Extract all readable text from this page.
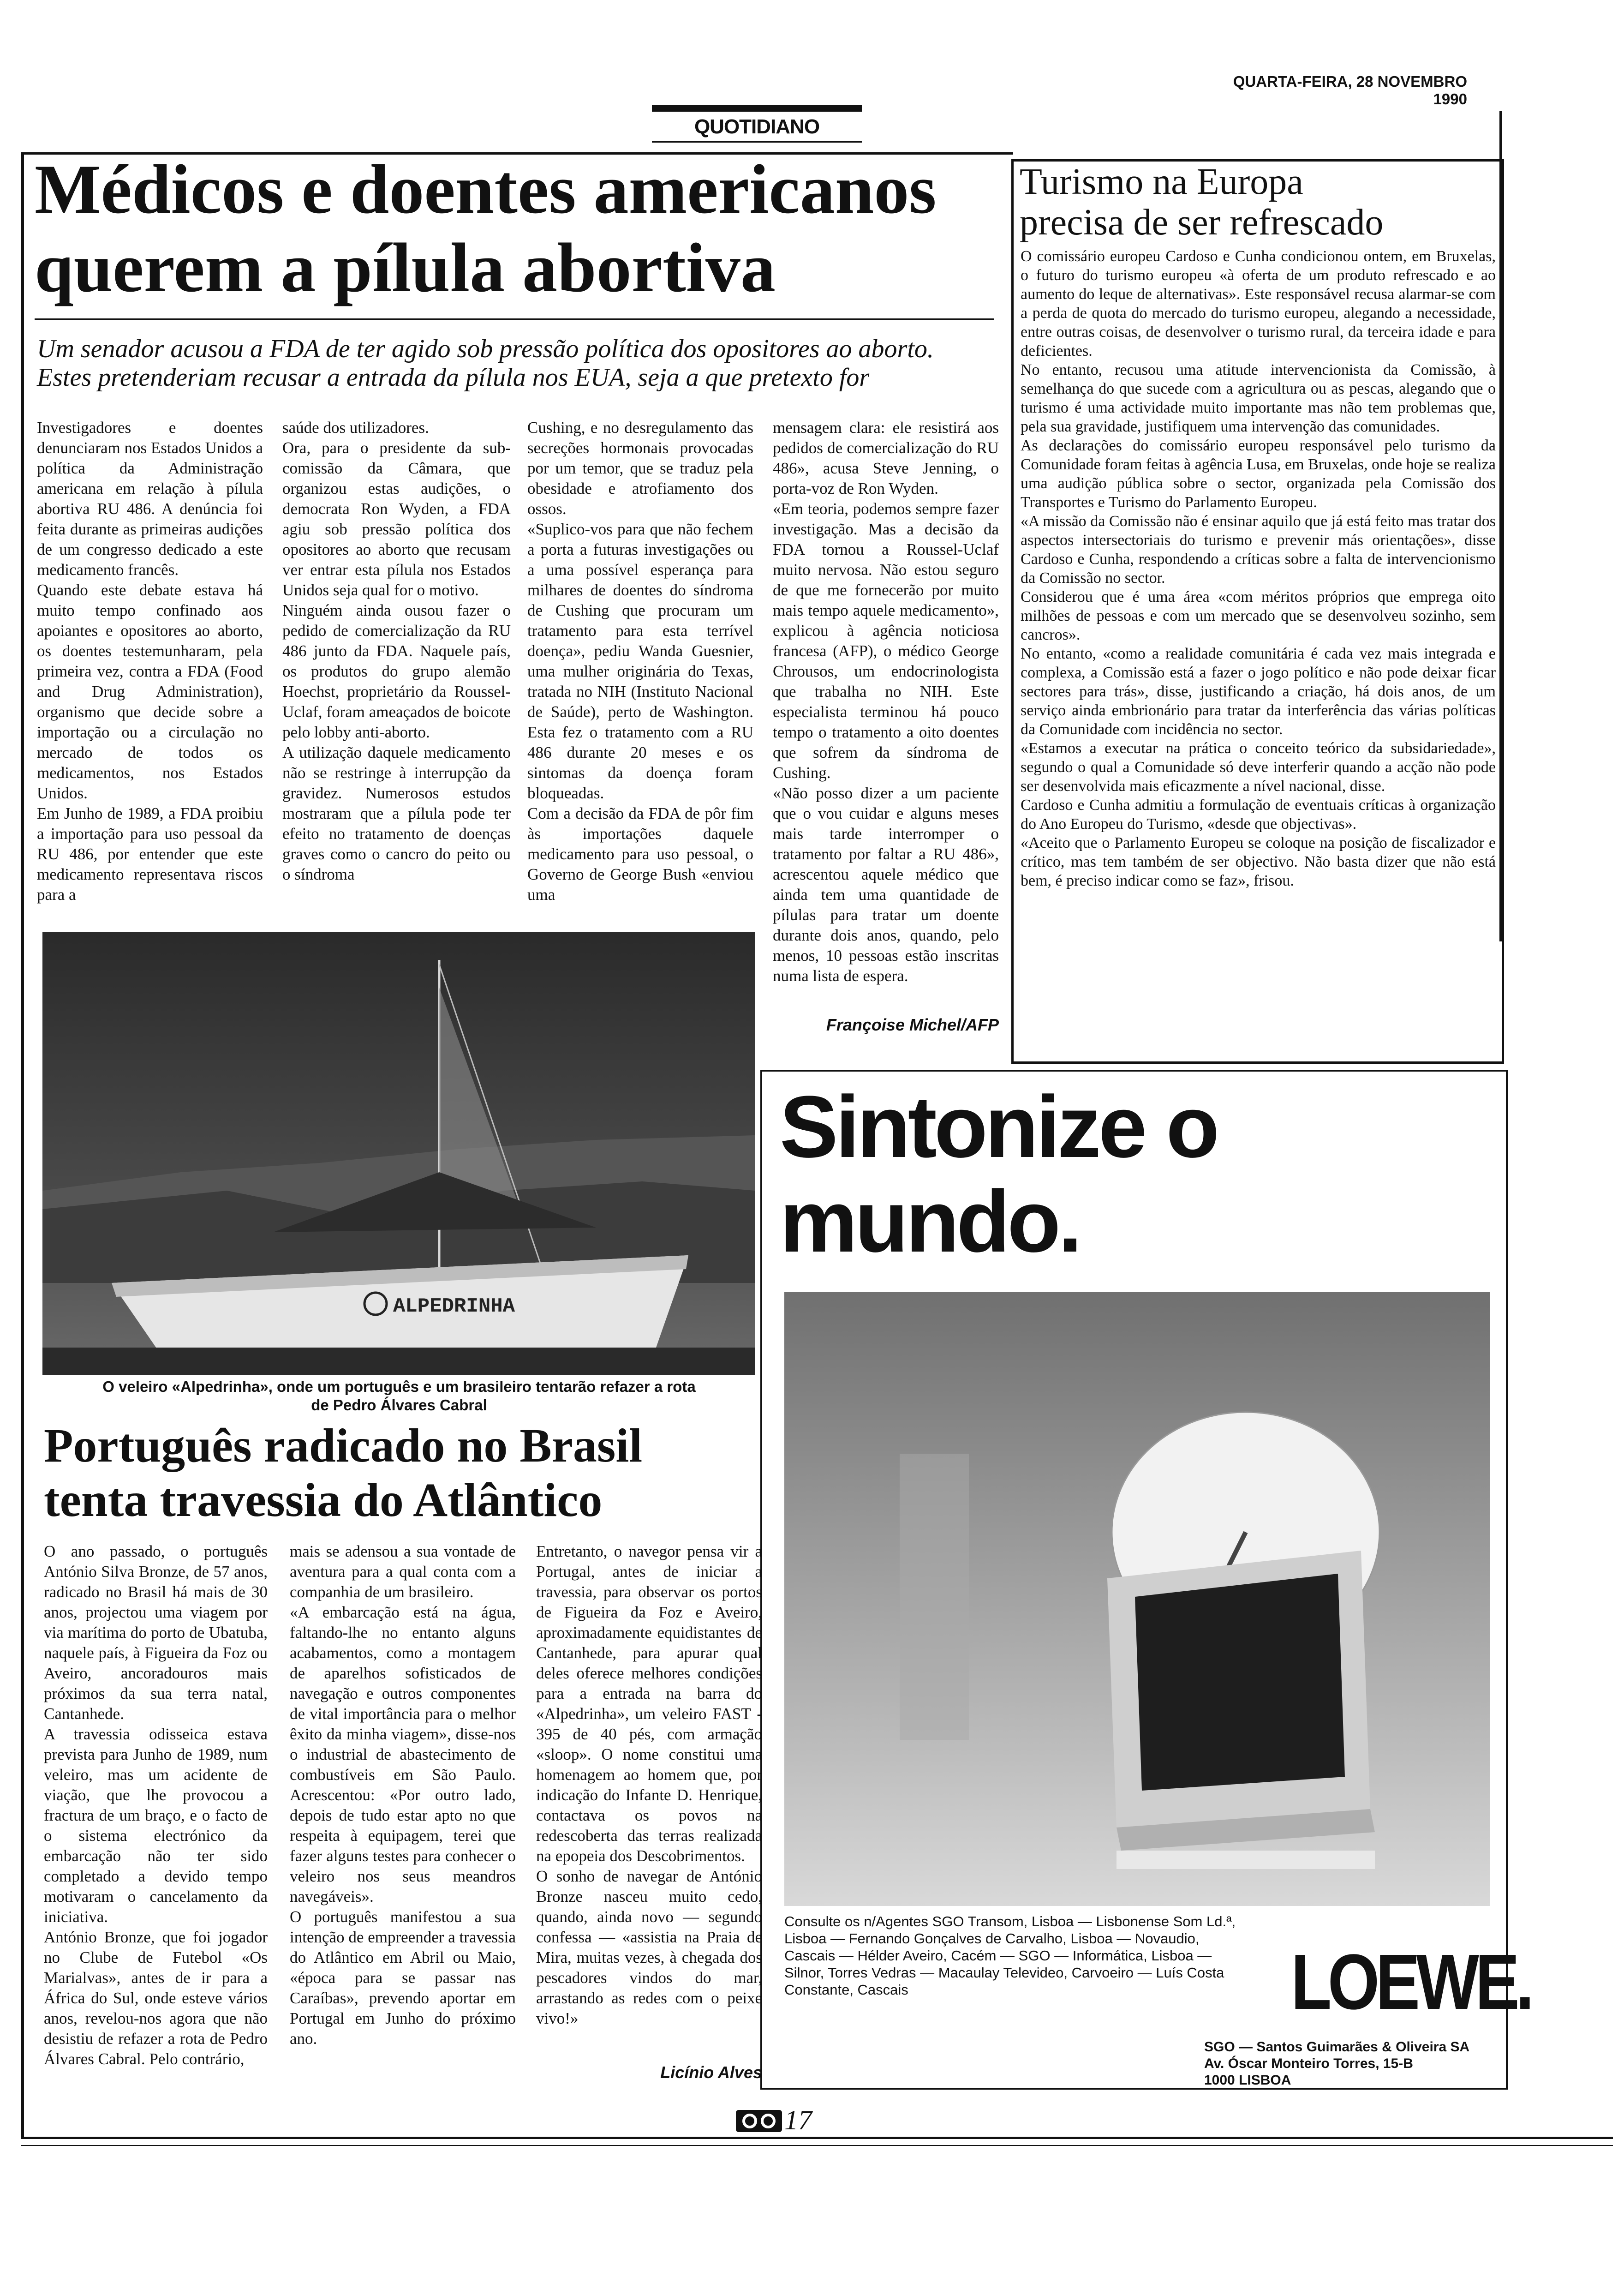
QUARTA-FEIRA, 28 NOVEMBRO 1990
QUOTIDIANO
Médicos e doentes americanos
querem a pílula abortiva
Um senador acusou a FDA de ter agido sob pressão política dos opositores ao aborto.
Estes pretenderiam recusar a entrada da pílula nos EUA, seja a que pretexto for
Investigadores e doentes denunciaram nos Estados Unidos a política da Administração americana em relação à pílula abortiva RU 486. A denúncia foi feita durante as primeiras audições de um congresso dedicado a este medicamento francês.
Quando este debate estava há muito tempo confinado aos apoiantes e opositores ao aborto, os doentes testemunharam, pela primeira vez, contra a FDA (Food and Drug Administration), organismo que decide sobre a importação ou a circulação no mercado de todos os medicamentos, nos Estados Unidos.
Em Junho de 1989, a FDA proibiu a importação para uso pessoal da RU 486, por entender que este medicamento representava riscos para a
saúde dos utilizadores.
Ora, para o presidente da sub-comissão da Câmara, que organizou estas audições, o democrata Ron Wyden, a FDA agiu sob pressão política dos opositores ao aborto que recusam ver entrar esta pílula nos Estados Unidos seja qual for o motivo.
Ninguém ainda ousou fazer o pedido de comercialização da RU 486 junto da FDA. Naquele país, os produtos do grupo alemão Hoechst, proprietário da Roussel-Uclaf, foram ameaçados de boicote pelo lobby anti-aborto.
A utilização daquele medicamento não se restringe à interrupção da gravidez. Numerosos estudos mostraram que a pílula pode ter efeito no tratamento de doenças graves como o cancro do peito ou o síndroma
Cushing, e no desregulamento das secreções hormonais provocadas por um temor, que se traduz pela obesidade e atrofiamento dos ossos.
«Suplico-vos para que não fechem a porta a futuras investigações ou a uma possível esperança para milhares de doentes do síndroma de Cushing que procuram um tratamento para esta terrível doença», pediu Wanda Guesnier, uma mulher originária do Texas, tratada no NIH (Instituto Nacional de Saúde), perto de Washington. Esta fez o tratamento com a RU 486 durante 20 meses e os sintomas da doença foram bloqueadas.
Com a decisão da FDA de pôr fim às importações daquele medicamento para uso pessoal, o Governo de George Bush «enviou uma
mensagem clara: ele resistirá aos pedidos de comercialização do RU 486», acusa Steve Jenning, o porta-voz de Ron Wyden.
«Em teoria, podemos sempre fazer investigação. Mas a decisão da FDA tornou a Roussel-Uclaf muito nervosa. Não estou seguro de que me fornecerão por muito mais tempo aquele medicamento», explicou à agência noticiosa francesa (AFP), o médico George Chrousos, um endocrinologista que trabalha no NIH. Este especialista terminou há pouco tempo o tratamento a oito doentes que sofrem da síndroma de Cushing.
«Não posso dizer a um paciente que o vou cuidar e alguns meses mais tarde interromper o tratamento por faltar a RU 486», acrescentou aquele médico que ainda tem uma quantidade de pílulas para tratar um doente durante dois anos, quando, pelo menos, 10 pessoas estão inscritas numa lista de espera.
Françoise Michel/AFP
ALPEDRINHA
O veleiro «Alpedrinha», onde um português e um brasileiro tentarão refazer a rota
de Pedro Álvares Cabral
Português radicado no Brasil
tenta travessia do Atlântico
O ano passado, o português António Silva Bronze, de 57 anos, radicado no Brasil há mais de 30 anos, projectou uma viagem por via marítima do porto de Ubatuba, naquele país, à Figueira da Foz ou Aveiro, ancoradouros mais próximos da sua terra natal, Cantanhede.
A travessia odisseica estava prevista para Junho de 1989, num veleiro, mas um acidente de viação, que lhe provocou a fractura de um braço, e o facto de o sistema electrónico da embarcação não ter sido completado a devido tempo motivaram o cancelamento da iniciativa.
António Bronze, que foi jogador no Clube de Futebol «Os Marialvas», antes de ir para a África do Sul, onde esteve vários anos, revelou-nos agora que não desistiu de refazer a rota de Pedro Álvares Cabral. Pelo contrário,
mais se adensou a sua vontade de aventura para a qual conta com a companhia de um brasileiro.
«A embarcação está na água, faltando-lhe no entanto alguns acabamentos, como a montagem de aparelhos sofisticados de navegação e outros componentes de vital importância para o melhor êxito da minha viagem», disse-nos o industrial de abastecimento de combustíveis em São Paulo. Acrescentou: «Por outro lado, depois de tudo estar apto no que respeita à equipagem, terei que fazer alguns testes para conhecer o veleiro nos seus meandros navegáveis».
O português manifestou a sua intenção de empreender a travessia do Atlântico em Abril ou Maio, «época para se passar nas Caraíbas», prevendo aportar em Portugal em Junho do próximo ano.
Entretanto, o navegor pensa vir a Portugal, antes de iniciar a travessia, para observar os portos de Figueira da Foz e Aveiro, aproximadamente equidistantes de Cantanhede, para apurar qual deles oferece melhores condições para a entrada na barra do «Alpedrinha», um veleiro FAST - 395 de 40 pés, com armação «sloop». O nome constitui uma homenagem ao homem que, por indicação do Infante D. Henrique, contactava os povos na redescoberta das terras realizada na epopeia dos Descobrimentos.
O sonho de navegar de António Bronze nasceu muito cedo, quando, ainda novo — segundo confessa — «assistia na Praia de Mira, muitas vezes, à chegada dos pescadores vindos do mar, arrastando as redes com o peixe vivo!»
Licínio Alves
Turismo na Europa
precisa de ser refrescado
O comissário europeu Cardoso e Cunha condicionou ontem, em Bruxelas, o futuro do turismo europeu «à oferta de um produto refrescado e ao aumento do leque de alternativas». Este responsável recusa alarmar-se com a perda de quota do mercado do turismo europeu, alegando a necessidade, entre outras coisas, de desenvolver o turismo rural, da terceira idade e para deficientes.
No entanto, recusou uma atitude intervencionista da Comissão, à semelhança do que sucede com a agricultura ou as pescas, alegando que o turismo é uma actividade muito importante mas não tem problemas que, pela sua gravidade, justifiquem uma intervenção das comunidades.
As declarações do comissário europeu responsável pelo turismo da Comunidade foram feitas à agência Lusa, em Bruxelas, onde hoje se realiza uma audição pública sobre o sector, organizada pela Comissão dos Transportes e Turismo do Parlamento Europeu.
«A missão da Comissão não é ensinar aquilo que já está feito mas tratar dos aspectos intersectoriais do turismo e prevenir más orientações», disse Cardoso e Cunha, respondendo a críticas sobre a falta de intervencionismo da Comissão no sector.
Considerou que é uma área «com méritos próprios que emprega oito milhões de pessoas e com um mercado que se desenvolveu sozinho, sem cancros».
No entanto, «como a realidade comunitária é cada vez mais integrada e complexa, a Comissão está a fazer o jogo político e não pode deixar ficar sectores para trás», disse, justificando a criação, há dois anos, de um serviço ainda embrionário para tratar da interferência das várias políticas da Comunidade com incidência no sector.
«Estamos a executar na prática o conceito teórico da subsidariedade», segundo o qual a Comunidade só deve interferir quando a acção não pode ser desenvolvida mais eficazmente a nível nacional, disse.
Cardoso e Cunha admitiu a formulação de eventuais críticas à organização do Ano Europeu do Turismo, «desde que objectivas».
«Aceito que o Parlamento Europeu se coloque na posição de fiscalizador e crítico, mas tem também de ser objectivo. Não basta dizer que não está bem, é preciso indicar como se faz», frisou.
Sintonize o
mundo.
Consulte os n/Agentes SGO Transom, Lisboa — Lisbonense Som Ld.ª, Lisboa — Fernando Gonçalves de Carvalho, Lisboa — Novaudio, Cascais — Hélder Aveiro, Cacém — SGO — Informática, Lisboa — Silnor, Torres Vedras — Macaulay Televideo, Carvoeiro — Luís Costa Constante, Cascais	LOEWE.
SGO — Santos Guimarães & Oliveira SA
Av. Óscar Monteiro Torres, 15-B
1000 LISBOA
17
